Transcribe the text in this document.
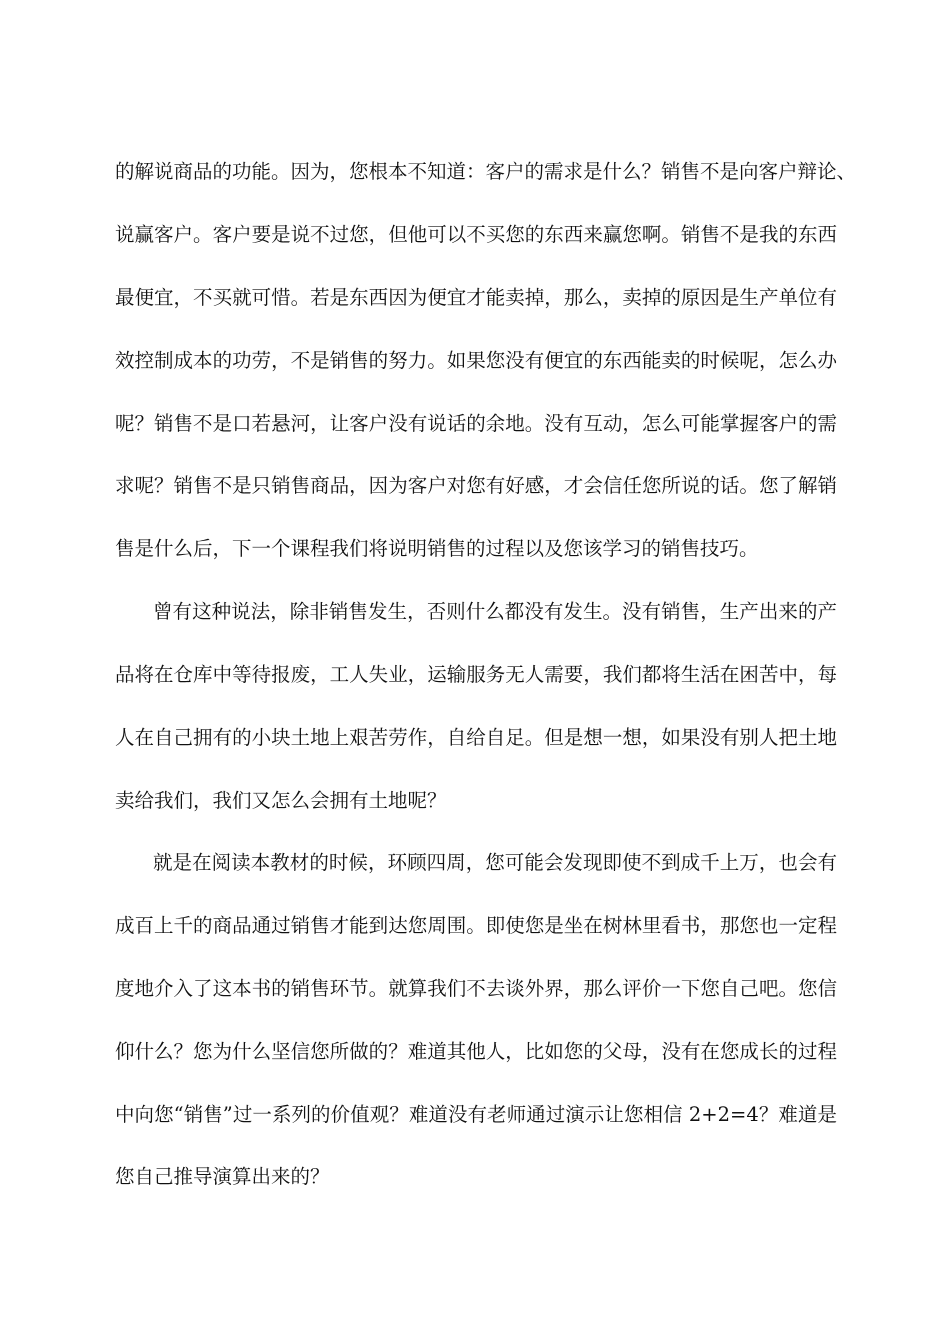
的解说商品的功能。因为，您根本不知道：客户的需求是什么？销售不是向客户辩论、
说赢客户。客户要是说不过您，但他可以不买您的东西来赢您啊。销售不是我的东西
最便宜，不买就可惜。若是东西因为便宜才能卖掉，那么，卖掉的原因是生产单位有
效控制成本的功劳，不是销售的努力。如果您没有便宜的东西能卖的时候呢，怎么办
呢？销售不是口若悬河，让客户没有说话的余地。没有互动，怎么可能掌握客户的需
求呢？销售不是只销售商品，因为客户对您有好感，才会信任您所说的话。您了解销
售是什么后，下一个课程我们将说明销售的过程以及您该学习的销售技巧。
曾有这种说法，除非销售发生，否则什么都没有发生。没有销售，生产出来的产
品将在仓库中等待报废，工人失业，运输服务无人需要，我们都将生活在困苦中，每
人在自己拥有的小块土地上艰苦劳作，自给自足。但是想一想，如果没有别人把土地
卖给我们，我们又怎么会拥有土地呢？
就是在阅读本教材的时候，环顾四周，您可能会发现即使不到成千上万，也会有
成百上千的商品通过销售才能到达您周围。即使您是坐在树林里看书，那您也一定程
度地介入了这本书的销售环节。就算我们不去谈外界，那么评价一下您自己吧。您信
仰什么？您为什么坚信您所做的？难道其他人，比如您的父母，没有在您成长的过程
中向您“销售”过一系列的价值观？难道没有老师通过演示让您相信 2+2=4？难道是
您自己推导演算出来的？
